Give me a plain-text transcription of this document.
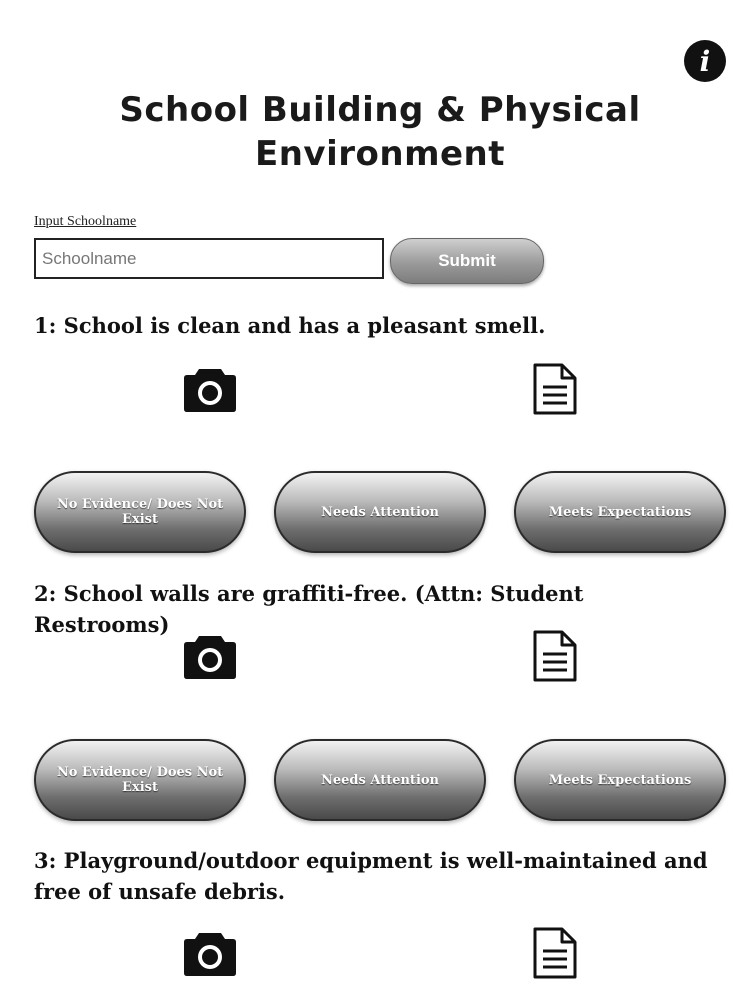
i
School Building & Physical
Environment
Input Schoolname
Schoolname
Submit
1: School is clean and has a pleasant smell.
No Evidence/ Does Not Exist	Needs Attention	Meets Expectations
2: School walls are graffiti-free. (Attn: Student Restrooms)
No Evidence/ Does Not Exist	Needs Attention	Meets Expectations
3: Playground/outdoor equipment is well-maintained and free of unsafe debris.
